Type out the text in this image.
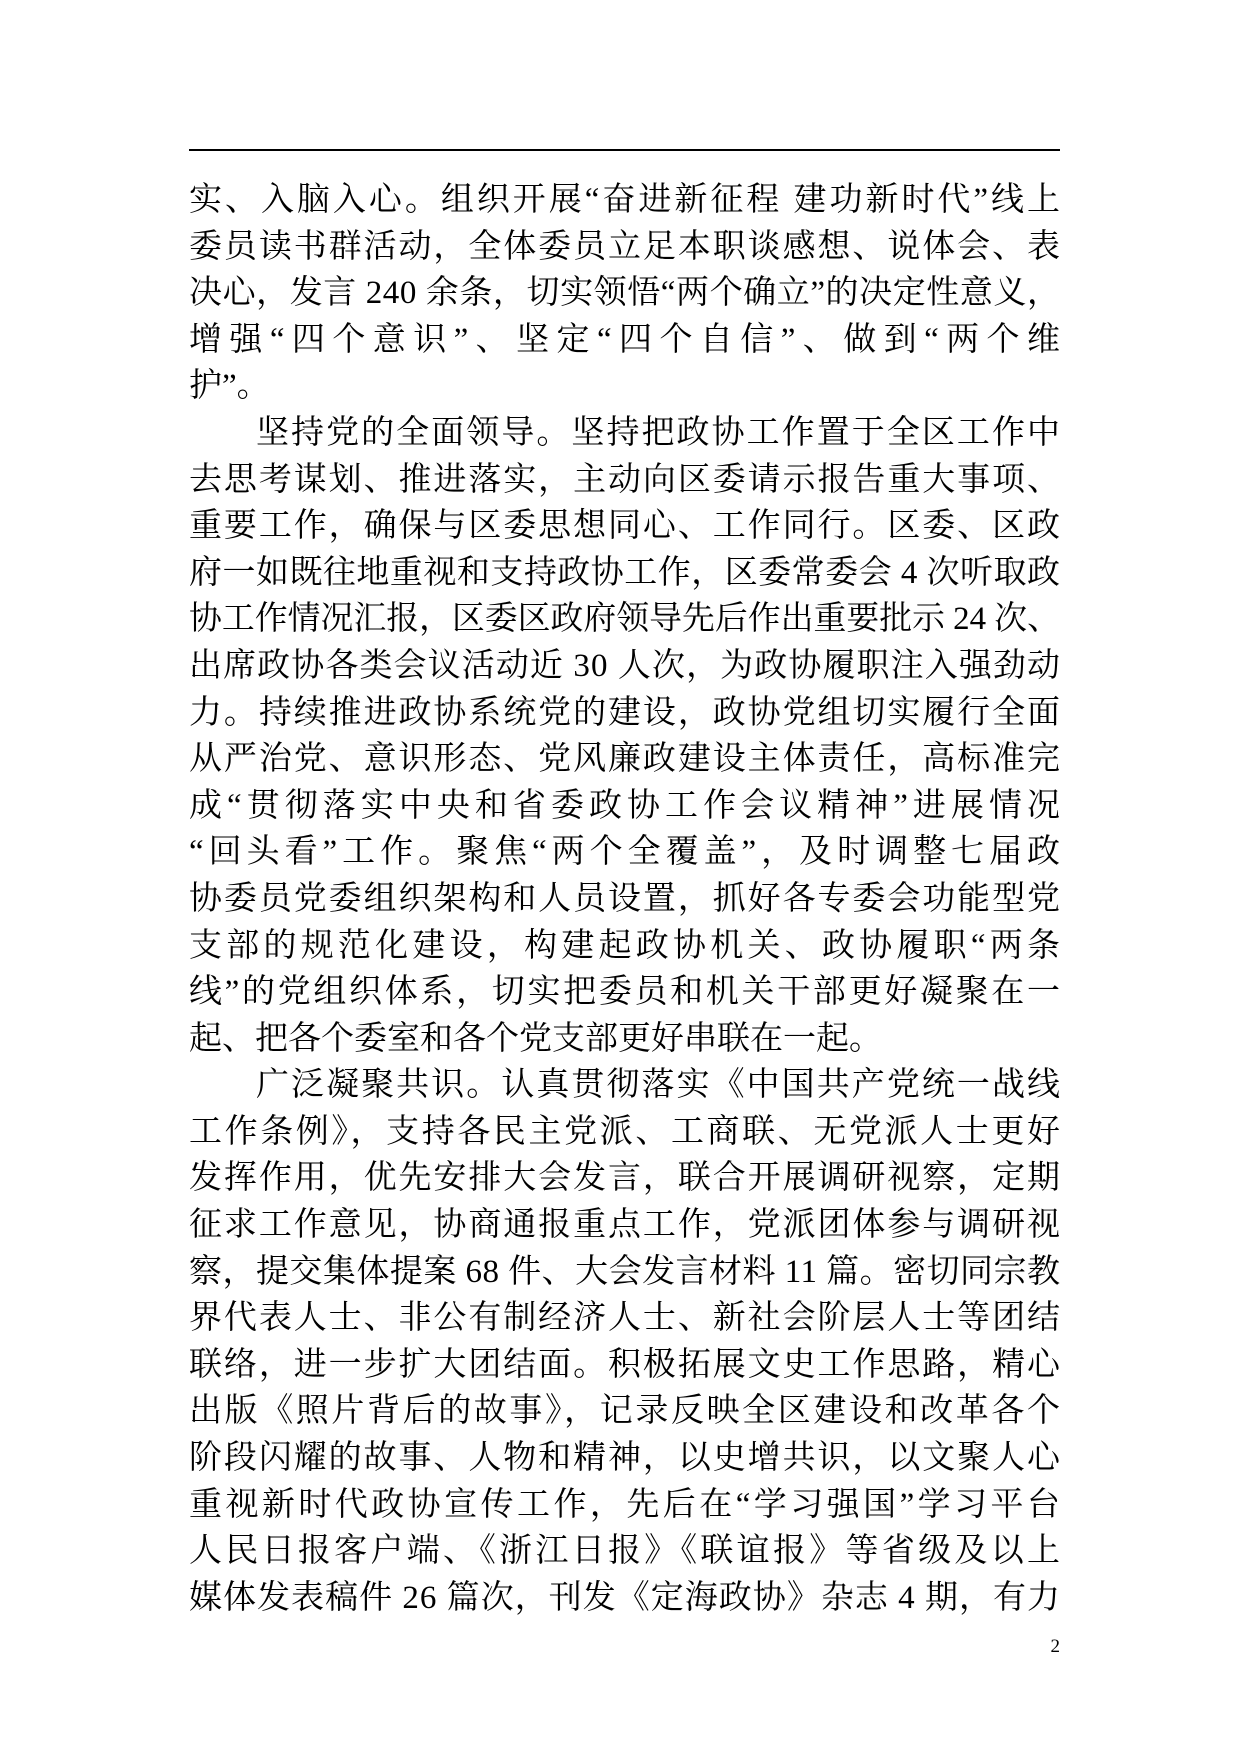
实、入脑入心。组织开展“奋进新征程 建功新时代”线上
委员读书群活动，全体委员立足本职谈感想、说体会、表
决心，发言 240 余条，切实领悟“两个确立”的决定性意义，
增强“四个意识”、坚定“四个自信”、做到“两个维
护”。
坚持党的全面领导。坚持把政协工作置于全区工作中
去思考谋划、推进落实，主动向区委请示报告重大事项、
重要工作，确保与区委思想同心、工作同行。区委、区政
府一如既往地重视和支持政协工作，区委常委会 4 次听取政
协工作情况汇报，区委区政府领导先后作出重要批示 24 次、
出席政协各类会议活动近 30 人次，为政协履职注入强劲动
力。持续推进政协系统党的建设，政协党组切实履行全面
从严治党、意识形态、党风廉政建设主体责任，高标准完
成“贯彻落实中央和省委政协工作会议精神”进展情况
“回头看”工作。聚焦“两个全覆盖”，及时调整七届政
协委员党委组织架构和人员设置，抓好各专委会功能型党
支部的规范化建设，构建起政协机关、政协履职“两条
线”的党组织体系，切实把委员和机关干部更好凝聚在一
起、把各个委室和各个党支部更好串联在一起。
广泛凝聚共识。认真贯彻落实《中国共产党统一战线
工作条例》，支持各民主党派、工商联、无党派人士更好
发挥作用，优先安排大会发言，联合开展调研视察，定期
征求工作意见，协商通报重点工作，党派团体参与调研视
察，提交集体提案 68 件、大会发言材料 11 篇。密切同宗教
界代表人士、非公有制经济人士、新社会阶层人士等团结
联络，进一步扩大团结面。积极拓展文史工作思路，精心
出版《照片背后的故事》，记录反映全区建设和改革各个
阶段闪耀的故事、人物和精神，以史增共识，以文聚人心
重视新时代政协宣传工作，先后在“学习强国”学习平台
人民日报客户端、《浙江日报》《联谊报》等省级及以上
媒体发表稿件 26 篇次，刊发《定海政协》杂志 4 期，有力
2
